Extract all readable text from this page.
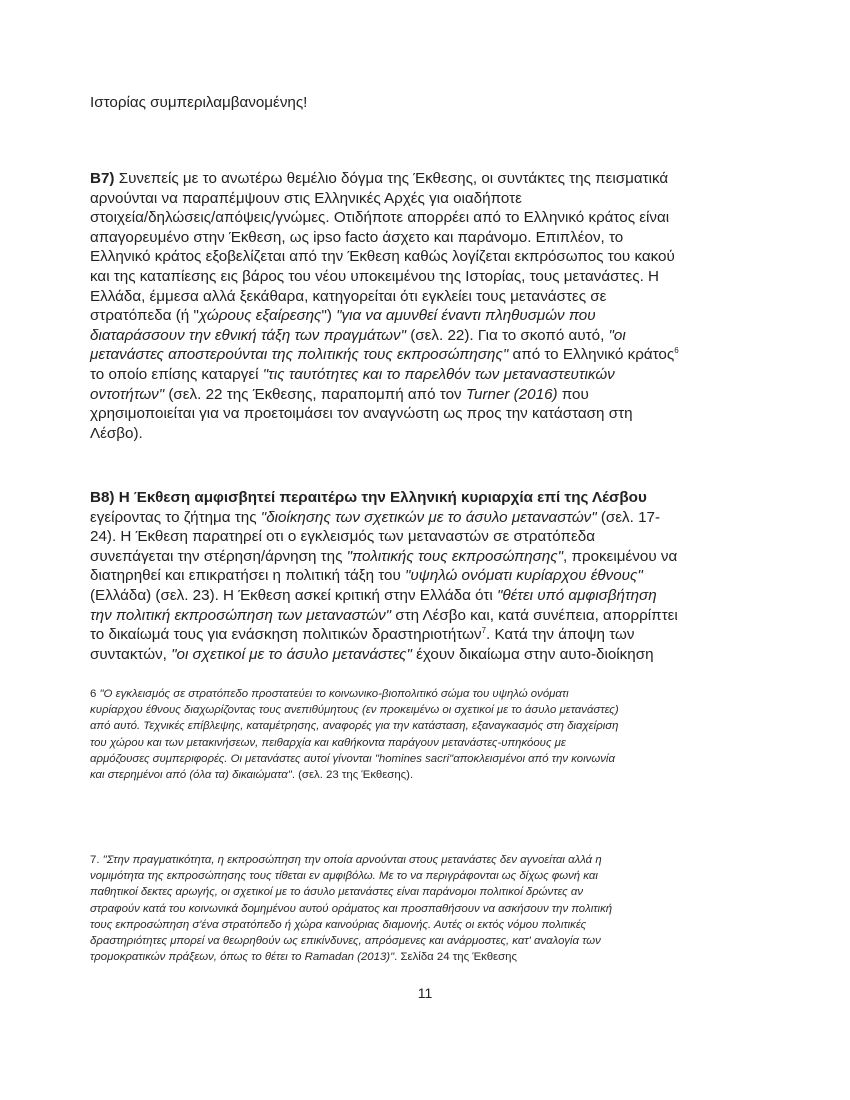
Ιστορίας συμπεριλαμβανομένης!
B7) Συνεπείς με το ανωτέρω θεμέλιο δόγμα της Έκθεσης, οι συντάκτες της πεισματικά
αρνούνται να παραπέμψουν στις Ελληνικές Αρχές για οιαδήποτε
στοιχεία/δηλώσεις/απόψεις/γνώμες. Οτιδήποτε απορρέει από το Ελληνικό κράτος είναι
απαγορευμένο στην Έκθεση, ως ipso facto άσχετο και παράνομο. Επιπλέον, το
Ελληνικό κράτος εξοβελίζεται από την Έκθεση καθώς λογίζεται εκπρόσωπος του κακού
και της καταπίεσης εις βάρος του νέου υποκειμένου της Ιστορίας, τους μετανάστες. Η
Ελλάδα, έμμεσα αλλά ξεκάθαρα, κατηγορείται ότι εγκλείει τους μετανάστες σε
στρατόπεδα (ή "χώρους εξαίρεσης") "για να αμυνθεί έναντι πληθυσμών που
διαταράσσουν την εθνική τάξη των πραγμάτων" (σελ. 22). Για το σκοπό αυτό, "οι
μετανάστες αποστερούνται της πολιτικής τους εκπροσώπησης" από το Ελληνικό κράτος$^6$
το οποίο επίσης καταργεί "τις ταυτότητες και το παρελθόν των μεταναστευτικών
οντοτήτων" (σελ. 22 της Έκθεσης, παραπομπή από τον Turner (2016) που
χρησιμοποιείται για να προετοιμάσει τον αναγνώστη ως προς την κατάσταση στη
Λέσβο).
B8) Η Έκθεση αμφισβητεί περαιτέρω την Ελληνική κυριαρχία επί της Λέσβου
εγείροντας το ζήτημα της "διοίκησης των σχετικών με το άσυλο μεταναστών" (σελ. 17-
24). Η Έκθεση παρατηρεί οτι ο εγκλεισμός των μεταναστών σε στρατόπεδα
συνεπάγεται την στέρηση/άρνηση της "πολιτικής τους εκπροσώπησης", προκειμένου να
διατηρηθεί και επικρατήσει η πολιτική τάξη του "υψηλώ ονόματι κυρίαρχου έθνους"
(Ελλάδα) (σελ. 23). Η Έκθεση ασκεί κριτική στην Ελλάδα ότι "θέτει υπό αμφισβήτηση
την πολιτική εκπροσώπηση των μεταναστών" στη Λέσβο και, κατά συνέπεια, απορρίπτει
το δικαίωμά τους για ενάσκηση πολιτικών δραστηριοτήτων$^7$. Κατά την άποψη των
συντακτών, "οι σχετικοί με το άσυλο μετανάστες" έχουν δικαίωμα στην αυτο-διοίκηση
6 "Ο εγκλεισμός σε στρατόπεδο προστατεύει το κοινωνικο-βιοπολιτικό σώμα του υψηλώ ονόματι
κυρίαρχου έθνους διαχωρίζοντας τους ανεπιθύμητους (εν προκειμένω οι σχετικοί με το άσυλο μετανάστες)
από αυτό. Τεχνικές επίβλεψης, καταμέτρησης, αναφορές για την κατάσταση, εξαναγκασμός στη διαχείριση
του χώρου και των μετακινήσεων, πειθαρχία και καθήκοντα παράγουν μετανάστες-υπηκόους με
αρμόζουσες συμπεριφορές. Οι μετανάστες αυτοί γίνονται "homines sacri"αποκλεισμένοι από την κοινωνία
και στερημένοι από (όλα τα) δικαιώματα". (σελ. 23 της Έκθεσης).
7. "Στην πραγματικότητα, η εκπροσώπηση την οποία αρνούνται στους μετανάστες δεν αγνοείται αλλά η
νομιμότητα της εκπροσώπησης τους τίθεται εν αμφιβόλω. Με το να περιγράφονται ως δίχως φωνή και
παθητικοί δεκτες αρωγής, οι σχετικοί με το άσυλο μετανάστες είναι παράνομοι πολιτικοί δρώντες αν
στραφούν κατά του κοινωνικά δομημένου αυτού οράματος και προσπαθήσουν να ασκήσουν την πολιτική
τους εκπροσώπηση σ'ένα στρατόπεδο ή χώρα καινούριας διαμονής. Αυτές οι εκτός νόμου πολιτικές
δραστηριότητες μπορεί να θεωρηθούν ως επικίνδυνες, απρόσμενες και ανάρμοστες, κατ' αναλογία των
τρομοκρατικών πράξεων, όπως το θέτει το Ramadan (2013)". Σελίδα 24 της Έκθεσης
11
